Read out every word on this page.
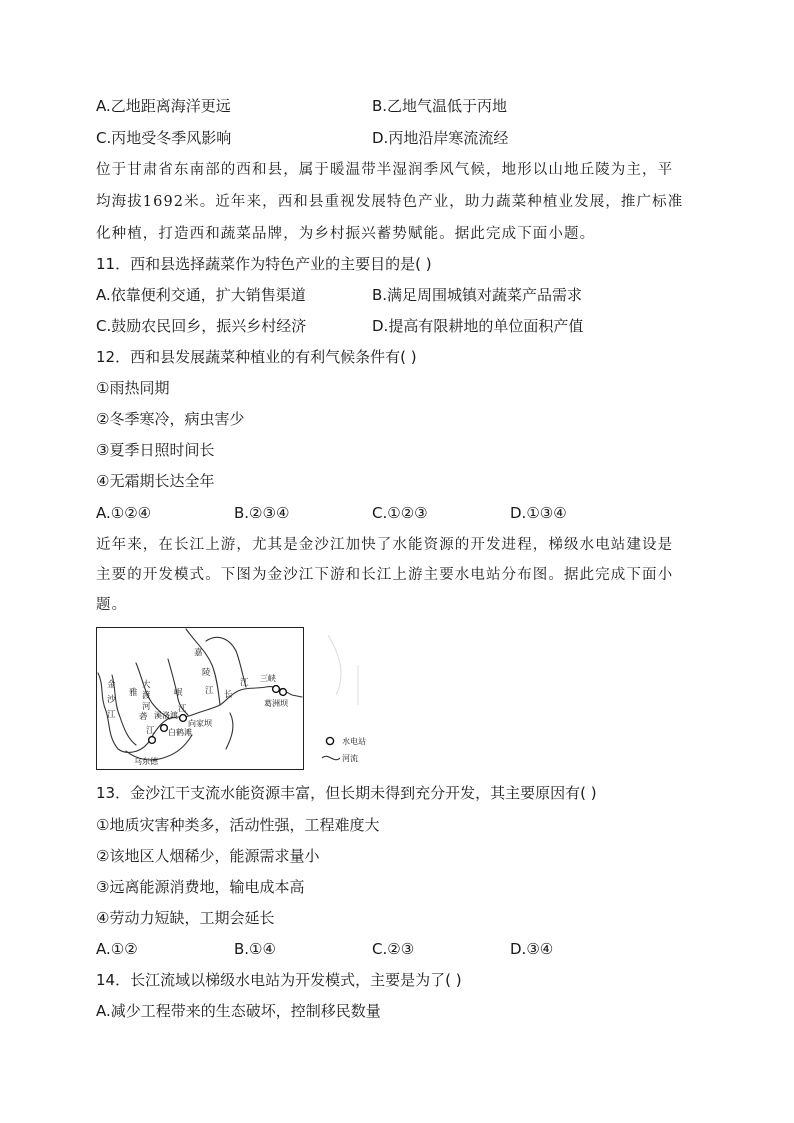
A.乙地距离海洋更远	B.乙地气温低于丙地
C.丙地受冬季风影响	D.丙地沿岸寒流流经
位于甘肃省东南部的西和县，属于暖温带半湿润季风气候，地形以山地丘陵为主，平
均海拔1692米。近年来，西和县重视发展特色产业，助力蔬菜种植业发展，推广标准
化种植，打造西和蔬菜品牌，为乡村振兴蓄势赋能。据此完成下面小题。
11．西和县选择蔬菜作为特色产业的主要目的是( )
A.依靠便利交通，扩大销售渠道	B.满足周围城镇对蔬菜产品需求
C.鼓励农民回乡，振兴乡村经济	D.提高有限耕地的单位面积产值
12．西和县发展蔬菜种植业的有利气候条件有( )
①雨热同期
②冬季寒冷，病虫害少
③夏季日照时间长
④无霜期长达全年
A.①②④	B.②③④	C.①②③	D.①③④
近年来，在长江上游，尤其是金沙江加快了水能资源的开发进程，梯级水电站建设是
主要的开发模式。下图为金沙江下游和长江上游主要水电站分布图。据此完成下面小
题。
金
沙
江
雅
砻
江
大
渡
河
岷
江
嘉
陵
江 长
江
溪洛渡
向家坝
白鹤滩
乌东德
三峡
葛洲坝
水电站
河流
13．金沙江干支流水能资源丰富，但长期未得到充分开发，其主要原因有( )
①地质灾害种类多，活动性强，工程难度大
②该地区人烟稀少，能源需求量小
③远离能源消费地，输电成本高
④劳动力短缺，工期会延长
A.①②	B.①④	C.②③	D.③④
14．长江流域以梯级水电站为开发模式，主要是为了( )
A.减少工程带来的生态破坏，控制移民数量
